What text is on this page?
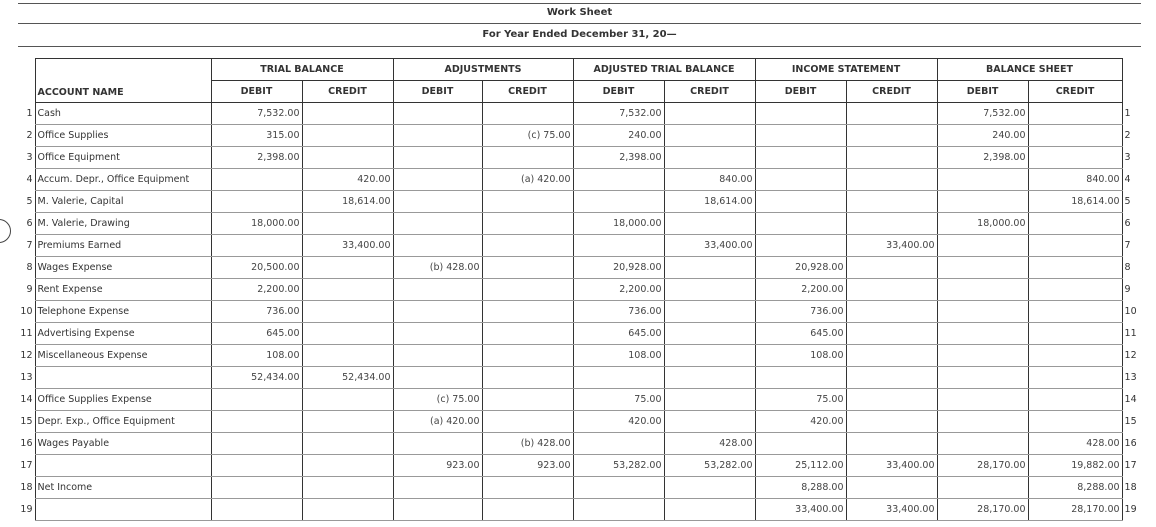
Work Sheet
For Year Ended December 31, 20—
	ACCOUNT NAME	TRIAL BALANCE		ADJUSTMENTS		ADJUSTED TRIAL BALANCE		INCOME STATEMENT		BALANCE SHEET		
		DEBIT	CREDIT	DEBIT	CREDIT	DEBIT	CREDIT	DEBIT	CREDIT	DEBIT	CREDIT	
1	Cash	7,532.00				7,532.00				7,532.00		1
2	Office Supplies	315.00			(c) 75.00	240.00				240.00		2
3	Office Equipment	2,398.00				2,398.00				2,398.00		3
4	Accum. Depr., Office Equipment		420.00		(a) 420.00		840.00				840.00	4
5	M. Valerie, Capital		18,614.00				18,614.00				18,614.00	5
6	M. Valerie, Drawing	18,000.00				18,000.00				18,000.00		6
7	Premiums Earned		33,400.00				33,400.00		33,400.00			7
8	Wages Expense	20,500.00		(b) 428.00		20,928.00		20,928.00				8
9	Rent Expense	2,200.00				2,200.00		2,200.00				9
10	Telephone Expense	736.00				736.00		736.00				10
11	Advertising Expense	645.00				645.00		645.00				11
12	Miscellaneous Expense	108.00				108.00		108.00				12
13		52,434.00	52,434.00									13
14	Office Supplies Expense			(c) 75.00		75.00		75.00				14
15	Depr. Exp., Office Equipment			(a) 420.00		420.00		420.00				15
16	Wages Payable				(b) 428.00		428.00				428.00	16
17				923.00	923.00	53,282.00	53,282.00	25,112.00	33,400.00	28,170.00	19,882.00	17
18	Net Income							8,288.00			8,288.00	18
19								33,400.00	33,400.00	28,170.00	28,170.00	19
